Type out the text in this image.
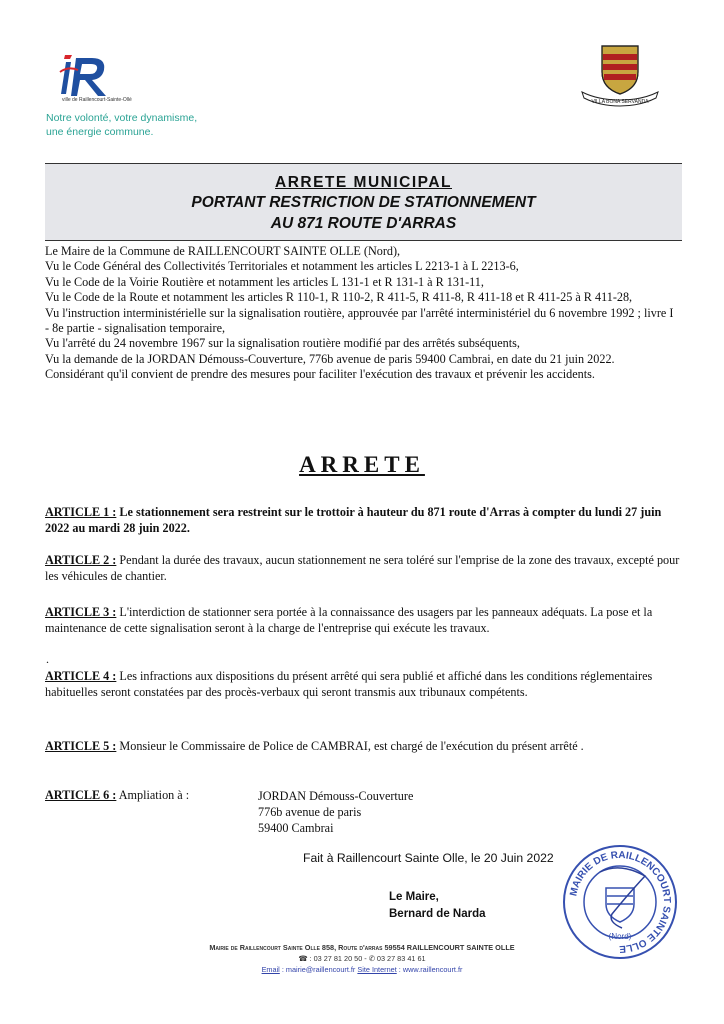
ville de Raillencourt-Sainte-Ollé
Notre volonté, votre dynamisme,
une énergie commune.
VILLA BONA SERVANDA
ARRETE MUNICIPAL
PORTANT RESTRICTION DE STATIONNEMENT
AU 871 ROUTE D'ARRAS

Le Maire de la Commune de RAILLENCOURT SAINTE OLLE (Nord),

Vu le Code Général des Collectivités Territoriales et notamment les articles L 2213-1 à L 2213-6,

Vu le Code de la Voirie Routière et notamment les articles L 131-1 et R 131-1 à R 131-11,

Vu le Code de la Route et notamment les articles R 110-1, R 110-2, R 411-5, R 411-8, R 411-18 et R 411-25 à R 411-28,

Vu l'instruction interministérielle sur la signalisation routière, approuvée par l'arrêté interministériel du 6 novembre 1992 ; livre I - 8e partie - signalisation temporaire,

Vu l'arrêté du 24 novembre 1967 sur la signalisation routière modifié par des arrêtés subséquents,

Vu la demande de la JORDAN Démouss-Couverture, 776b avenue de paris 59400 Cambrai, en date du 21 juin 2022.

Considérant qu'il convient de prendre des mesures pour faciliter l'exécution des travaux et prévenir les accidents.

ARRETE
ARTICLE 1 : Le stationnement sera restreint sur le trottoir à hauteur du 871 route d'Arras à compter du lundi 27 juin 2022 au mardi 28 juin 2022.
ARTICLE 2 : Pendant la durée des travaux, aucun stationnement ne sera toléré sur l'emprise de la zone des travaux, excepté pour les véhicules de chantier.
ARTICLE 3 : L'interdiction de stationner sera portée à la connaissance des usagers par les panneaux adéquats. La pose et la maintenance de cette signalisation seront à la charge de l'entreprise qui exécute les travaux.
.
ARTICLE 4 : Les infractions aux dispositions du présent arrêté qui sera publié et affiché dans les conditions réglementaires habituelles seront constatées par des procès-verbaux qui seront transmis aux tribunaux compétents.
ARTICLE 5 : Monsieur le Commissaire de Police de CAMBRAI, est chargé de l'exécution du présent arrêté .
ARTICLE 6 : Ampliation à :	JORDAN Démouss-Couverture
776b avenue de paris
59400 Cambrai
Fait à Raillencourt Sainte Olle, le 20 Juin 2022
Le Maire,
Bernard de Narda
MAIRIE DE RAILLENCOURT SAINTE OLLE
(Nord)
Mairie de Raillencourt Sainte Olle 858, Route d'arras 59554 RAILLENCOURT SAINTE OLLE
☎ : 03 27 81 20 50 - ✆ 03 27 83 41 61
Email : mairie@raillencourt.fr Site Internet : www.raillencourt.fr
